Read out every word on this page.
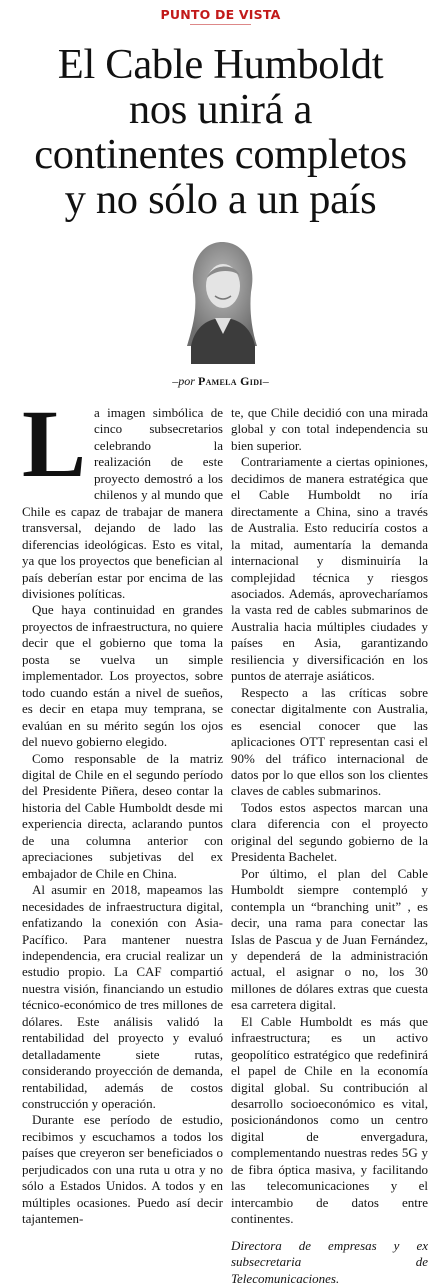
PUNTO DE VISTA
El Cable Humboldt
nos unirá a
continentes completos
y no sólo a un país
–por Pamela Gidi–

La imagen simbólica de cinco subsecretarios celebrando la realización de este proyecto demostró a los chilenos y al mundo que Chile es capaz de trabajar de manera transversal, dejando de lado las diferencias ideológicas. Esto es vital, ya que los proyectos que benefician al país deberían estar por encima de las divisiones políticas.

Que haya continuidad en grandes proyectos de infraestructura, no quiere decir que el gobierno que toma la posta se vuelva un simple implementador. Los proyectos, sobre todo cuando están a nivel de sueños, es decir en etapa muy temprana, se evalúan en su mérito según los ojos del nuevo gobierno elegido.

Como responsable de la matriz digital de Chile en el segundo período del Presidente Piñera, deseo contar la historia del Cable Humboldt desde mi experiencia directa, aclarando puntos de una columna anterior con apreciaciones subjetivas del ex embajador de Chile en China.

Al asumir en 2018, mapeamos las necesidades de infraestructura digital, enfatizando la conexión con Asia-Pacífico. Para mantener nuestra independencia, era crucial realizar un estudio propio. La CAF compartió nuestra visión, financiando un estudio técnico-económico de tres millones de dólares. Este análisis validó la rentabilidad del proyecto y evaluó detalladamente siete rutas, considerando proyección de demanda, rentabilidad, además de costos construcción y operación.

Durante ese período de estudio, recibimos y escuchamos a todos los países que creyeron ser beneficiados o perjudicados con una ruta u otra y no sólo a Estados Unidos. A todos y en múltiples ocasiones. Puedo así decir tajantemen-

te, que Chile decidió con una mirada global y con total independencia su bien superior.

Contrariamente a ciertas opiniones, decidimos de manera estratégica que el Cable Humboldt no iría directamente a China, sino a través de Australia. Esto reduciría costos a la mitad, aumentaría la demanda internacional y disminuiría la complejidad técnica y riesgos asociados. Además, aprovecharíamos la vasta red de cables submarinos de Australia hacia múltiples ciudades y países en Asia, garantizando resiliencia y diversificación en los puntos de aterraje asiáticos.

Respecto a las críticas sobre conectar digitalmente con Australia, es esencial conocer que las aplicaciones OTT representan casi el 90% del tráfico internacional de datos por lo que ellos son los clientes claves de cables submarinos.

Todos estos aspectos marcan una clara diferencia con el proyecto original del segundo gobierno de la Presidenta Bachelet.

Por último, el plan del Cable Humboldt siempre contempló y contempla un “branching unit” , es decir, una rama para conectar las Islas de Pascua y de Juan Fernández, y dependerá de la administración actual, el asignar o no, los 30 millones de dólares extras que cuesta esa carretera digital.

El Cable Humboldt es más que infraestructura; es un activo geopolítico estratégico que redefinirá el papel de Chile en la economía digital global. Su contribución al desarrollo socioeconómico es vital, posicionándonos como un centro digital de envergadura, complementando nuestras redes 5G y de fibra óptica masiva, y facilitando las telecomunicaciones y el intercambio de datos entre continentes.

Directora de empresas y ex subsecretaria de Telecomunicaciones.
